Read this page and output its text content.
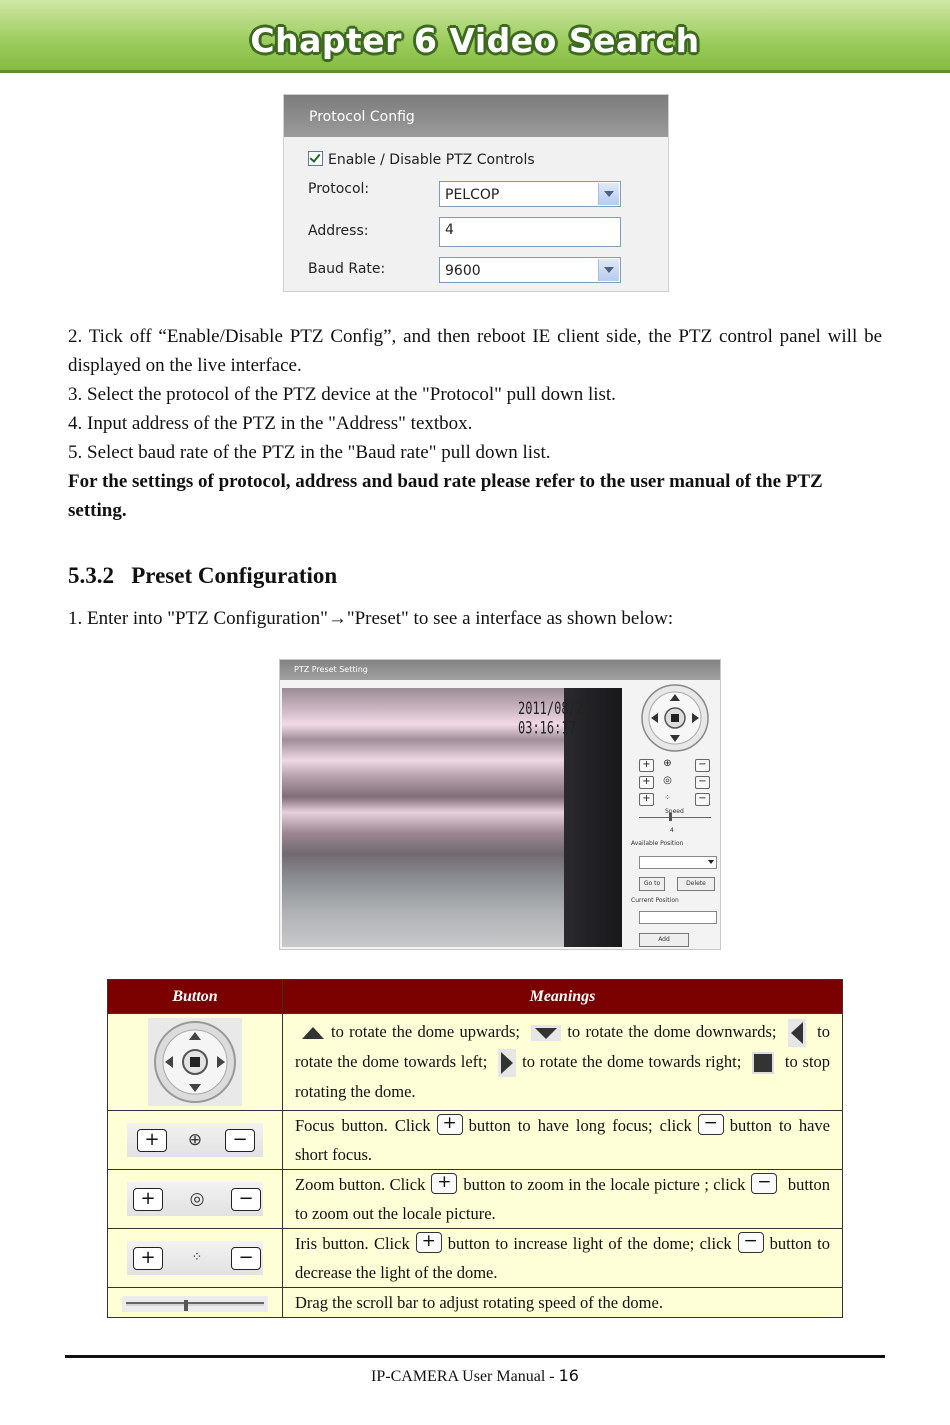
Chapter 6 Video Search
Protocol Config
Enable / Disable PTZ Controls
Protocol:	PELCOP
Address:	4
Baud Rate:	9600
2. Tick off “Enable/Disable PTZ Config”, and then reboot IE client side, the PTZ control panel will be displayed on the live interface.
3. Select the protocol of the PTZ device at the "Protocol" pull down list.
4. Input address of the PTZ in the "Address" textbox.
5. Select baud rate of the PTZ in the "Baud rate" pull down list.
For the settings of protocol, address and baud rate please refer to the user manual of the PTZ setting.
5.3.2 Preset Configuration
1. Enter into "PTZ Configuration"→"Preset" to see a interface as shown below:
PTZ Preset Setting
2011/08/24 03:16:17
+	⊕	−
+	◎	−
+	⁘	−
Speed
4
Available Position
Go to	Delete
Current Position
Add
Button	Meanings
	to rotate the dome upwards; to rotate the dome downwards; to rotate the dome towards left; to rotate the dome towards right; to stop rotating the dome.

+ ⊕ −	Focus button. Click + button to have long focus; click − button to have short focus.

+ ◎ −	Zoom button. Click + button to zoom in the locale picture ; click − button to zoom out the locale picture.

+ ⁘ −	Iris button. Click + button to increase light of the dome; click − button to decrease the light of the dome.
	Drag the scroll bar to adjust rotating speed of the dome.
IP-CAMERA User Manual - 16
